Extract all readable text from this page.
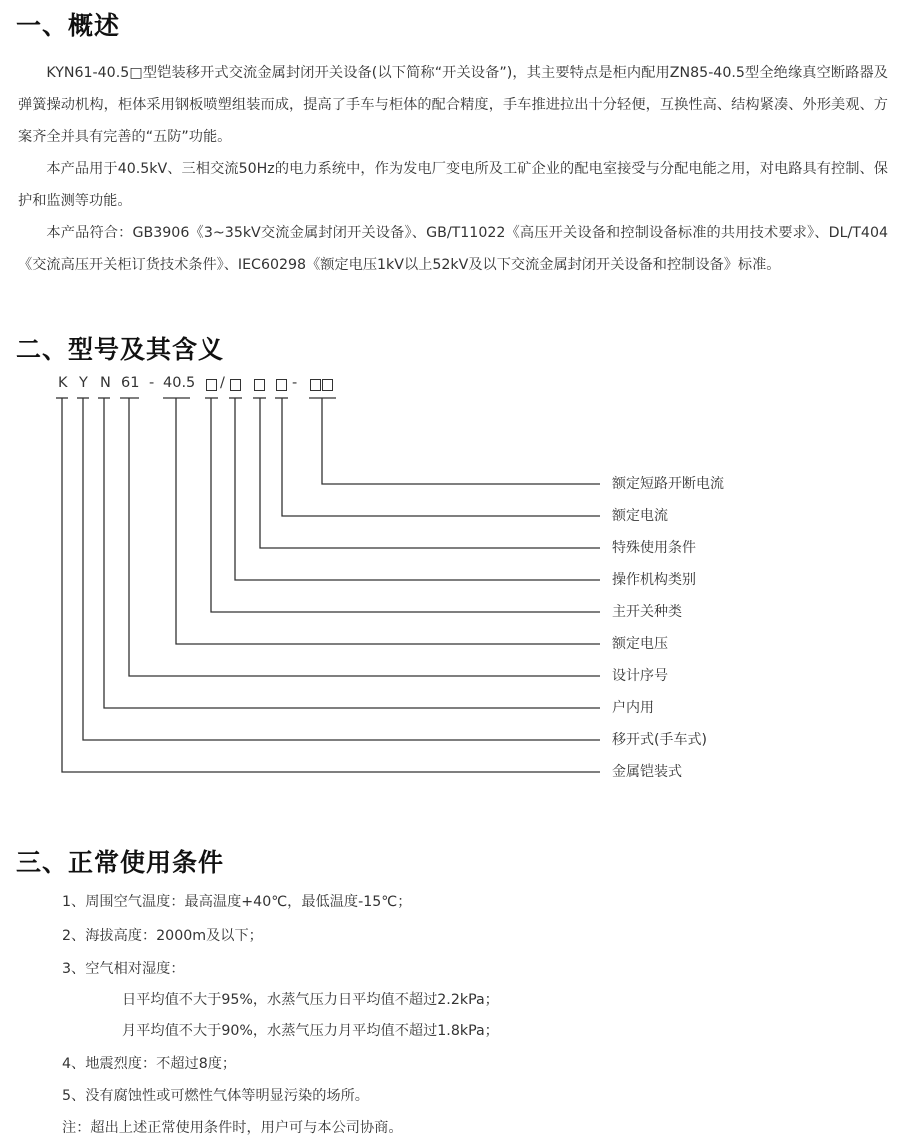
一、概述

KYN61-40.5□型铠装移开式交流金属封闭开关设备(以下简称“开关设备”)，其主要特点是柜内配用ZN85-40.5型全绝缘真空断路器及弹簧操动机构，柜体采用钢板喷塑组装而成，提高了手车与柜体的配合精度，手车推进拉出十分轻便，互换性高、结构紧凑、外形美观、方案齐全并具有完善的“五防”功能。

本产品用于40.5kV、三相交流50Hz的电力系统中，作为发电厂变电所及工矿企业的配电室接受与分配电能之用，对电路具有控制、保护和监测等功能。

本产品符合：GB3906《3~35kV交流金属封闭开关设备》、GB/T11022《高压开关设备和控制设备标准的共用技术要求》、DL/T404《交流高压开关柜订货技术条件》、IEC60298《额定电压1kV以上52kV及以下交流金属封闭开关设备和控制设备》标准。

二、型号及其含义
K Y N 61 - 40.5 /	-
额定短路开断电流
额定电流
特殊使用条件
操作机构类别
主开关种类
额定电压
设计序号
户内用
移开式(手车式)
金属铠装式
三、正常使用条件

1、周围空气温度：最高温度+40℃，最低温度-15℃；

2、海拔高度：2000m及以下；

3、空气相对湿度：

日平均值不大于95%，水蒸气压力日平均值不超过2.2kPa；

月平均值不大于90%，水蒸气压力月平均值不超过1.8kPa；

4、地震烈度：不超过8度；

5、没有腐蚀性或可燃性气体等明显污染的场所。

注：超出上述正常使用条件时，用户可与本公司协商。
